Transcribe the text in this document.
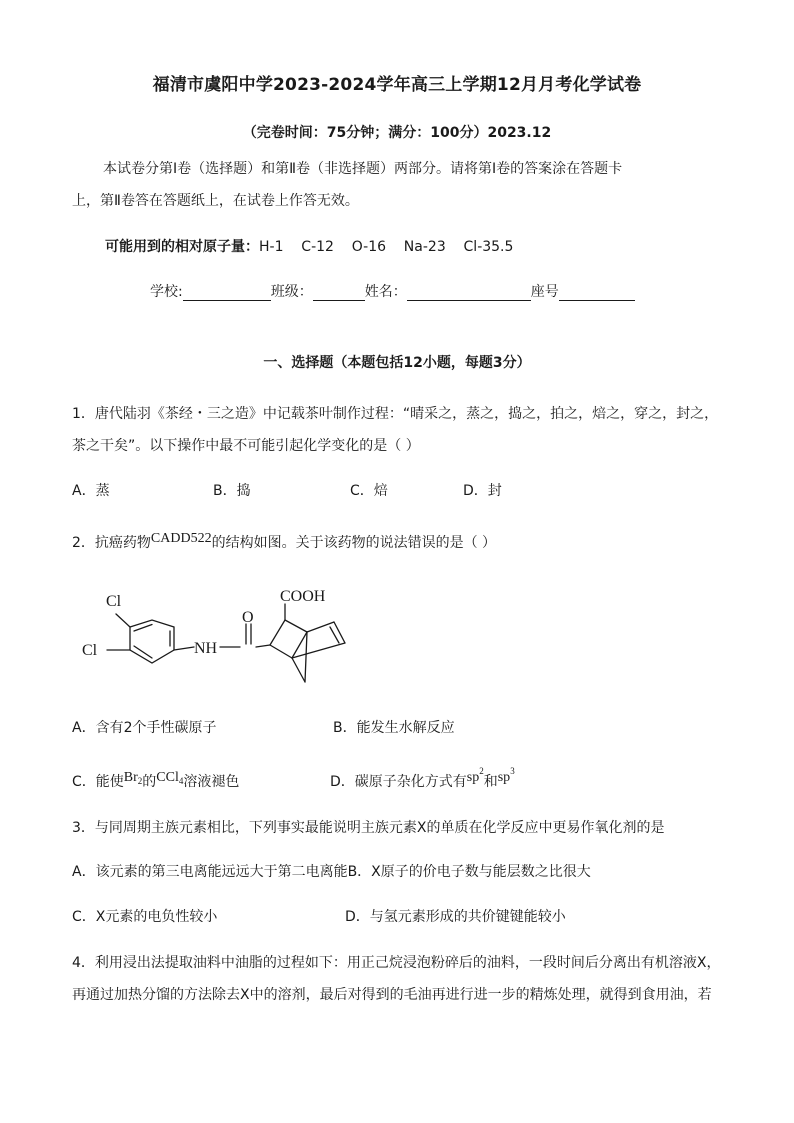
福清市虞阳中学2023-2024学年高三上学期12月月考化学试卷
（完卷时间：75分钟；满分：100分）2023.12
本试卷分第Ⅰ卷（选择题）和第Ⅱ卷（非选择题）两部分。请将第Ⅰ卷的答案涂在答题卡
上，第Ⅱ卷答在答题纸上，在试卷上作答无效。
可能用到的相对原子量：H-1    C-12    O-16    Na-23    Cl-35.5
学校:	班级：	姓名：	座号
一、选择题（本题包括12小题，每题3分）
1．唐代陆羽《茶经・三之造》中记载茶叶制作过程：“晴采之，蒸之，捣之，拍之，焙之，穿之，封之，
茶之干矣”。以下操作中最不可能引起化学变化的是（ ）
A．蒸	B．捣	C．焙	D．封
2．抗癌药物CADD522的结构如图。关于该药物的说法错误的是（ ）
Cl
Cl	NH
O
COOH
A．含有2个手性碳原子	B．能发生水解反应
C．能使Br2的CCl4溶液褪色	D．碳原子杂化方式有$sp^2$和$sp^3$
3．与同周期主族元素相比，下列事实最能说明主族元素X的单质在化学反应中更易作氧化剂的是
A．该元素的第三电离能远远大于第二电离能B．X原子的价电子数与能层数之比很大
C．X元素的电负性较小	D．与氢元素形成的共价键键能较小
4．利用浸出法提取油料中油脂的过程如下：用正己烷浸泡粉碎后的油料，一段时间后分离出有机溶液X，
再通过加热分馏的方法除去X中的溶剂，最后对得到的毛油再进行进一步的精炼处理，就得到食用油，若
